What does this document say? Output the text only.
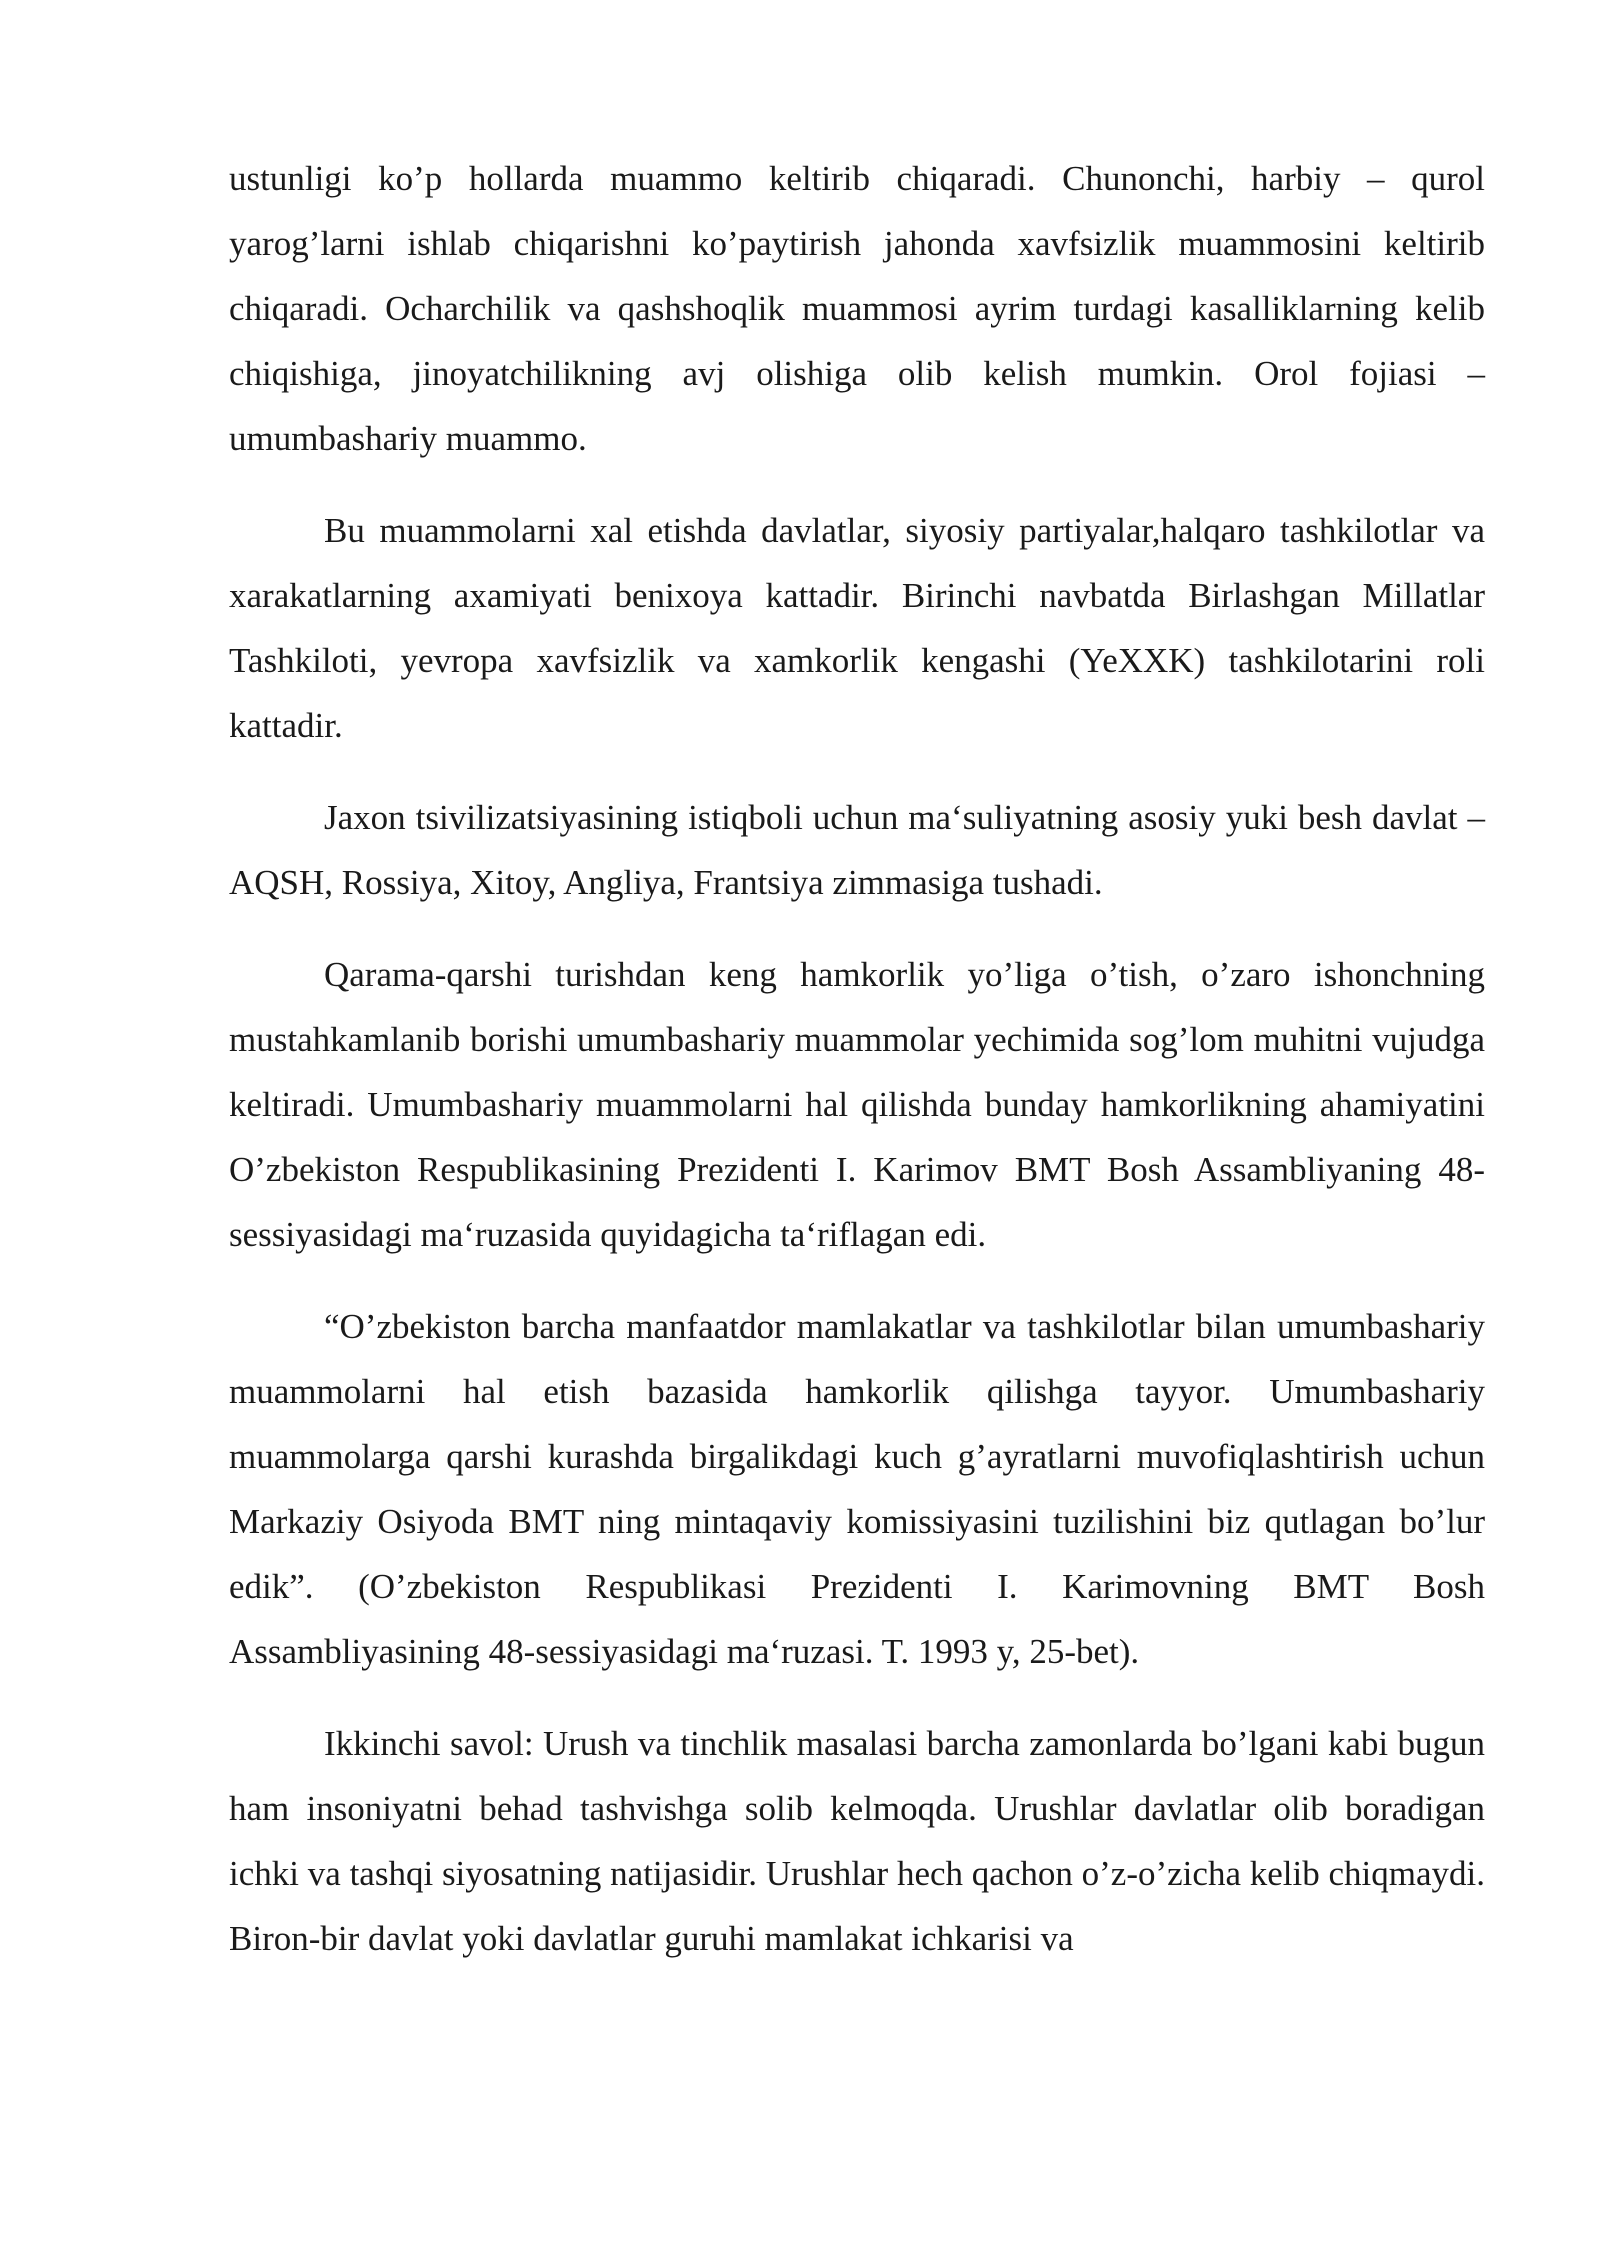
ustunligi ko’p hollarda muammo keltirib chiqaradi. Chunonchi, harbiy – qurol yarog’larni ishlab chiqarishni ko’paytirish jahonda xavfsizlik muammosini keltirib chiqaradi. Ocharchilik va qashshoqlik muammosi ayrim turdagi kasalliklarning kelib chiqishiga, jinoyatchilikning avj olishiga olib kelish mumkin. Orol fojiasi – umumbashariy muammo.

Bu muammolarni xal etishda davlatlar, siyosiy partiyalar,halqaro tashkilotlar va xarakatlarning axamiyati benixoya kattadir. Birinchi navbatda Birlashgan Millatlar Tashkiloti, yevropa xavfsizlik va xamkorlik kengashi (YeXXK) tashkilotarini roli kattadir.

Jaxon tsivilizatsiyasining istiqboli uchun ma‘suliyatning asosiy yuki besh davlat – AQSH, Rossiya, Xitoy, Angliya, Frantsiya zimmasiga tushadi.

Qarama-qarshi turishdan keng hamkorlik yo’liga o’tish, o’zaro ishonchning mustahkamlanib borishi umumbashariy muammolar yechimida sog’lom muhitni vujudga keltiradi. Umumbashariy muammolarni hal qilishda bunday hamkorlikning ahamiyatini O’zbekiston Respublikasining Prezidenti I. Karimov BMT Bosh Assambliyaning 48-sessiyasidagi ma‘ruzasida quyidagicha ta‘riflagan edi.

“O’zbekiston barcha manfaatdor mamlakatlar va tashkilotlar bilan umumbashariy muammolarni hal etish bazasida hamkorlik qilishga tayyor. Umumbashariy muammolarga qarshi kurashda birgalikdagi kuch g’ayratlarni muvofiqlashtirish uchun Markaziy Osiyoda BMT ning mintaqaviy komissiyasini tuzilishini biz qutlagan bo’lur edik”. (O’zbekiston Respublikasi Prezidenti I. Karimovning BMT Bosh Assambliyasining 48-sessiyasidagi ma‘ruzasi. T. 1993 y, 25-bet).

Ikkinchi savol: Urush va tinchlik masalasi barcha zamonlarda bo’lgani kabi bugun ham insoniyatni behad tashvishga solib kelmoqda. Urushlar davlatlar olib boradigan ichki va tashqi siyosatning natijasidir. Urushlar hech qachon o’z-o’zicha kelib chiqmaydi. Biron-bir davlat yoki davlatlar guruhi mamlakat ichkarisi va
